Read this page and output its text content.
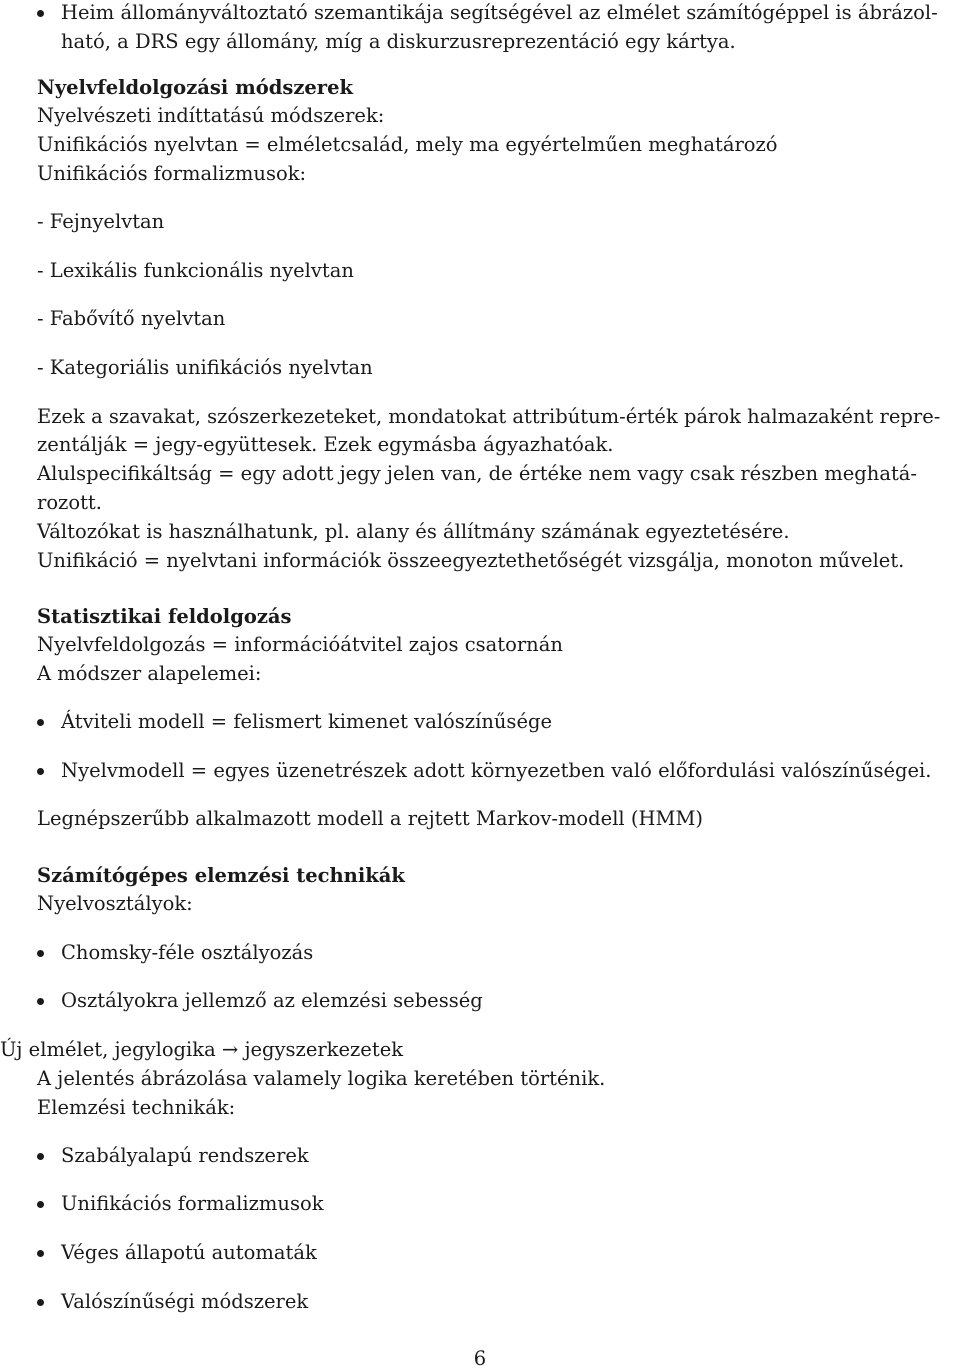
Heim állományváltoztató szemantikája segítségével az elmélet számítógéppel is ábrázol-
ható, a DRS egy állomány, míg a diskurzusreprezentáció egy kártya.
Nyelvfeldolgozási módszerek
Nyelvészeti indíttatású módszerek:
Unifikációs nyelvtan = elméletcsalád, mely ma egyértelműen meghatározó
Unifikációs formalizmusok:
- Fejnyelvtan
- Lexikális funkcionális nyelvtan
- Fabővítő nyelvtan
- Kategoriális unifikációs nyelvtan
Ezek a szavakat, szószerkezeteket, mondatokat attribútum-érték párok halmazaként repre-
zentálják = jegy-együttesek. Ezek egymásba ágyazhatóak.
Alulspecifikáltság = egy adott jegy jelen van, de értéke nem vagy csak részben meghatá-
rozott.
Változókat is használhatunk, pl. alany és állítmány számának egyeztetésére.
Unifikáció = nyelvtani információk összeegyeztethetőségét vizsgálja, monoton művelet.
Statisztikai feldolgozás
Nyelvfeldolgozás = információátvitel zajos csatornán
A módszer alapelemei:
Átviteli modell = felismert kimenet valószínűsége
Nyelvmodell = egyes üzenetrészek adott környezetben való előfordulási valószínűségei.
Legnépszerűbb alkalmazott modell a rejtett Markov-modell (HMM)
Számítógépes elemzési technikák
Nyelvosztályok:
Chomsky-féle osztályozás
Osztályokra jellemző az elemzési sebesség
Új elmélet, jegylogika → jegyszerkezetek
A jelentés ábrázolása valamely logika keretében történik.
Elemzési technikák:
Szabályalapú rendszerek
Unifikációs formalizmusok
Véges állapotú automaták
Valószínűségi módszerek
6
